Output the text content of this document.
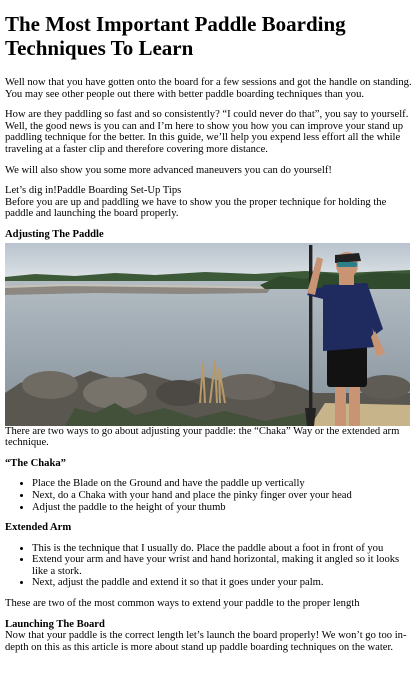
The Most Important Paddle Boarding Techniques To Learn

Well now that you have gotten onto the board for a few sessions and got the handle on standing. You may see other people out there with better paddle boarding techniques than you.

How are they paddling so fast and so consistently? “I could never do that”, you say to yourself. Well, the good news is you can and I’m here to show you how you can improve your stand up paddling technique for the better. In this guide, we’ll help you expend less effort all the while traveling at a faster clip and therefore covering more distance.

We will also show you some more advanced maneuvers you can do yourself!

Let’s dig in!Paddle Boarding Set-Up Tips

Before you are up and paddling we have to show you the proper technique for holding the paddle and launching the board properly.

Adjusting The Paddle

There are two ways to go about adjusting your paddle: the “Chaka” Way or the extended arm technique.

“The Chaka”

• Place the Blade on the Ground and have the paddle up vertically
• Next, do a Chaka with your hand and place the pinky finger over your head
• Adjust the paddle to the height of your thumb

Extended Arm

• This is the technique that I usually do. Place the paddle about a foot in front of you
• Extend your arm and have your wrist and hand horizontal, making it angled so it looks like a stork.
• Next, adjust the paddle and extend it so that it goes under your palm.

These are two of the most common ways to extend your paddle to the proper length

Launching The Board

Now that your paddle is the correct length let’s launch the board properly! We won’t go too in-depth on this as this article is more about stand up paddle boarding techniques on the water.
